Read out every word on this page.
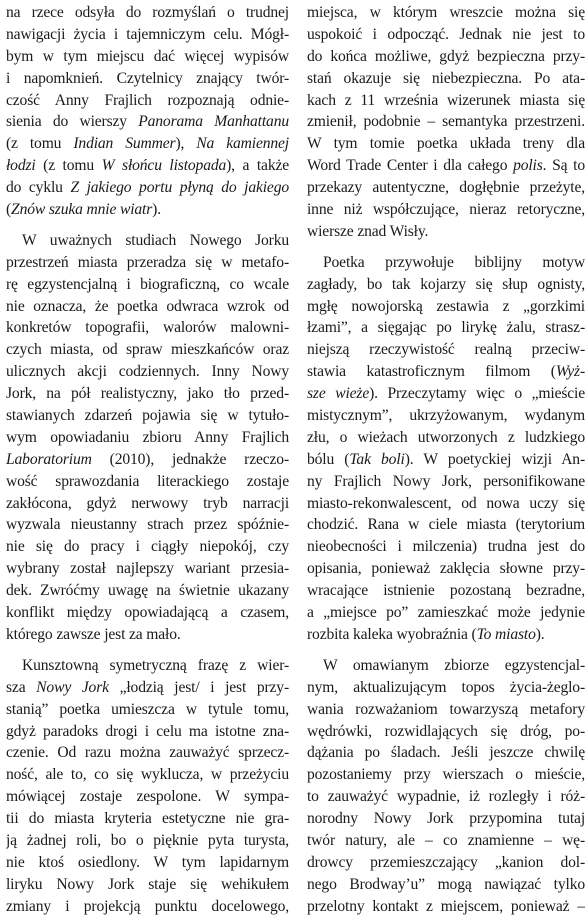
na rzece odsyła do rozmyślań o trudnej
nawigacji życia i tajemniczym celu. Mógł-
bym w tym miejscu dać więcej wypisów
i napomknień. Czytelnicy znający twór-
czość Anny Frajlich rozpoznają odnie-
sienia do wierszy Panorama Manhattanu
(z tomu Indian Summer), Na kamiennej
łodzi (z tomu W słońcu listopada), a także
do cyklu Z jakiego portu płyną do jakiego
(Znów szuka mnie wiatr).
W uważnych studiach Nowego Jorku
przestrzeń miasta przeradza się w metafo-
rę egzystencjalną i biograficzną, co wcale
nie oznacza, że poetka odwraca wzrok od
konkretów topografii, walorów malowni-
czych miasta, od spraw mieszkańców oraz
ulicznych akcji codziennych. Inny Nowy
Jork, na pół realistyczny, jako tło przed-
stawianych zdarzeń pojawia się w tytuło-
wym opowiadaniu zbioru Anny Frajlich
Laboratorium (2010), jednakże rzeczo-
wość sprawozdania literackiego zostaje
zakłócona, gdyż nerwowy tryb narracji
wyzwala nieustanny strach przez spóźnie-
nie się do pracy i ciągły niepokój, czy
wybrany został najlepszy wariant przesia-
dek. Zwróćmy uwagę na świetnie ukazany
konflikt między opowiadającą a czasem,
którego zawsze jest za mało.
Kunsztowną symetryczną frazę z wier-
sza Nowy Jork „łodzią jest/ i jest przy-
stanią” poetka umieszcza w tytule tomu,
gdyż paradoks drogi i celu ma istotne zna-
czenie. Od razu można zauważyć sprzecz-
ność, ale to, co się wyklucza, w przeżyciu
mówiącej zostaje zespolone. W sympa-
tii do miasta kryteria estetyczne nie gra-
ją żadnej roli, bo o pięknie pyta turysta,
nie ktoś osiedlony. W tym lapidarnym
liryku Nowy Jork staje się wehikułem
zmiany i projekcją punktu docelowego,
miejsca, w którym wreszcie można się
uspokoić i odpocząć. Jednak nie jest to
do końca możliwe, gdyż bezpieczna przy-
stań okazuje się niebezpieczna. Po ata-
kach z 11 września wizerunek miasta się
zmienił, podobnie – semantyka przestrzeni.
W tym tomie poetka układa treny dla
Word Trade Center i dla całego polis. Są to
przekazy autentyczne, dogłębnie przeżyte,
inne niż współczujące, nieraz retoryczne,
wiersze znad Wisły.
Poetka przywołuje biblijny motyw
zagłady, bo tak kojarzy się słup ognisty,
mgłę nowojorską zestawia z „gorzkimi
łzami”, a sięgając po lirykę żalu, strasz-
niejszą rzeczywistość realną przeciw-
stawia katastroficznym filmom (Wyż-
sze wieże). Przeczytamy więc o „mieście
mistycznym”, ukrzyżowanym, wydanym
złu, o wieżach utworzonych z ludzkiego
bólu (Tak boli). W poetyckiej wizji An-
ny Frajlich Nowy Jork, personifikowane
miasto-rekonwalescent, od nowa uczy się
chodzić. Rana w ciele miasta (terytorium
nieobecności i milczenia) trudna jest do
opisania, ponieważ zaklęcia słowne przy-
wracające istnienie pozostaną bezradne,
a „miejsce po” zamieszkać może jedynie
rozbita kaleka wyobraźnia (To miasto).
W omawianym zbiorze egzystencjal-
nym, aktualizującym topos życia-żeglo-
wania rozważaniom towarzyszą metafory
wędrówki, rozwidlających się dróg, po-
dążania po śladach. Jeśli jeszcze chwilę
pozostaniemy przy wierszach o mieście,
to zauważyć wypadnie, iż rozległy i róż-
norodny Nowy Jork przypomina tutaj
twór natury, ale – co znamienne – wę-
drowcy przemieszczający „kanion dol-
nego Brodway’u” mogą nawiązać tylko
przelotny kontakt z miejscem, ponieważ –
